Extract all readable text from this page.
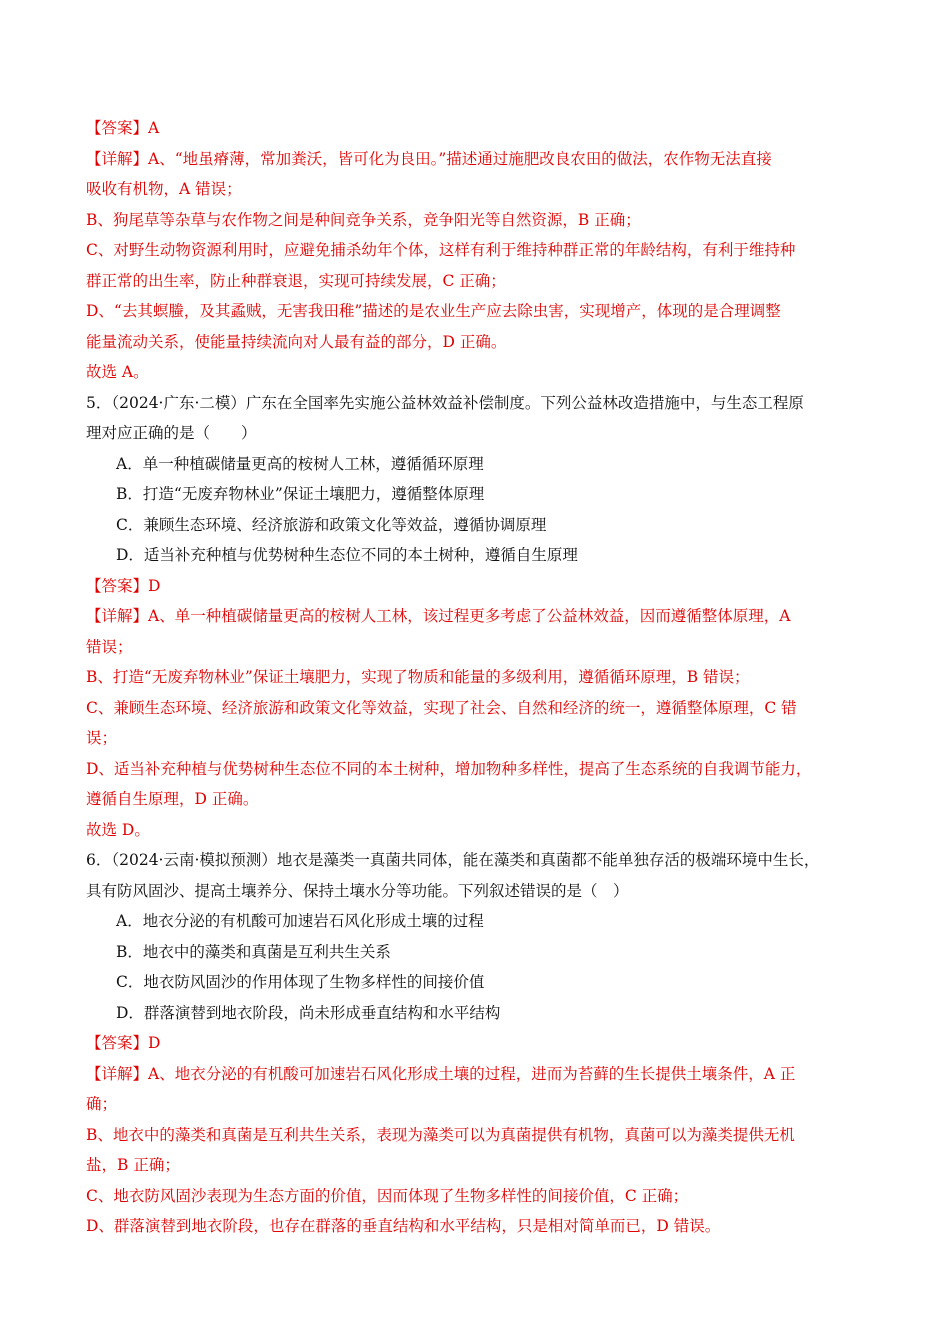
【答案】A
【详解】A、“地虽瘠薄，常加粪沃，皆可化为良田。”描述通过施肥改良农田的做法，农作物无法直接
吸收有机物，A 错误；
B、狗尾草等杂草与农作物之间是种间竞争关系，竞争阳光等自然资源，B 正确；
C、对野生动物资源利用时，应避免捕杀幼年个体，这样有利于维持种群正常的年龄结构，有利于维持种
群正常的出生率，防止种群衰退，实现可持续发展，C 正确；
D、“去其螟螣，及其蟊贼，无害我田稚”描述的是农业生产应去除虫害，实现增产，体现的是合理调整
能量流动关系，使能量持续流向对人最有益的部分，D 正确。
故选 A。
5．（2024·广东·二模）广东在全国率先实施公益林效益补偿制度。下列公益林改造措施中，与生态工程原
理对应正确的是（　　）
A．单一种植碳储量更高的桉树人工林，遵循循环原理
B．打造“无废弃物林业”保证土壤肥力，遵循整体原理
C．兼顾生态环境、经济旅游和政策文化等效益，遵循协调原理
D．适当补充种植与优势树种生态位不同的本土树种，遵循自生原理
【答案】D
【详解】A、单一种植碳储量更高的桉树人工林，该过程更多考虑了公益林效益，因而遵循整体原理，A
错误；
B、打造“无废弃物林业”保证土壤肥力，实现了物质和能量的多级利用，遵循循环原理，B 错误；
C、兼顾生态环境、经济旅游和政策文化等效益，实现了社会、自然和经济的统一，遵循整体原理，C 错
误；
D、适当补充种植与优势树种生态位不同的本土树种，增加物种多样性，提高了生态系统的自我调节能力，
遵循自生原理，D 正确。
故选 D。
6．（2024·云南·模拟预测）地衣是藻类一真菌共同体，能在藻类和真菌都不能单独存活的极端环境中生长，
具有防风固沙、提高土壤养分、保持土壤水分等功能。下列叙述错误的是（　）
A．地衣分泌的有机酸可加速岩石风化形成土壤的过程
B．地衣中的藻类和真菌是互利共生关系
C．地衣防风固沙的作用体现了生物多样性的间接价值
D．群落演替到地衣阶段，尚未形成垂直结构和水平结构
【答案】D
【详解】A、地衣分泌的有机酸可加速岩石风化形成土壤的过程，进而为苔藓的生长提供土壤条件，A 正
确；
B、地衣中的藻类和真菌是互利共生关系，表现为藻类可以为真菌提供有机物，真菌可以为藻类提供无机
盐，B 正确；
C、地衣防风固沙表现为生态方面的价值，因而体现了生物多样性的间接价值，C 正确；
D、群落演替到地衣阶段，也存在群落的垂直结构和水平结构，只是相对简单而已，D 错误。
